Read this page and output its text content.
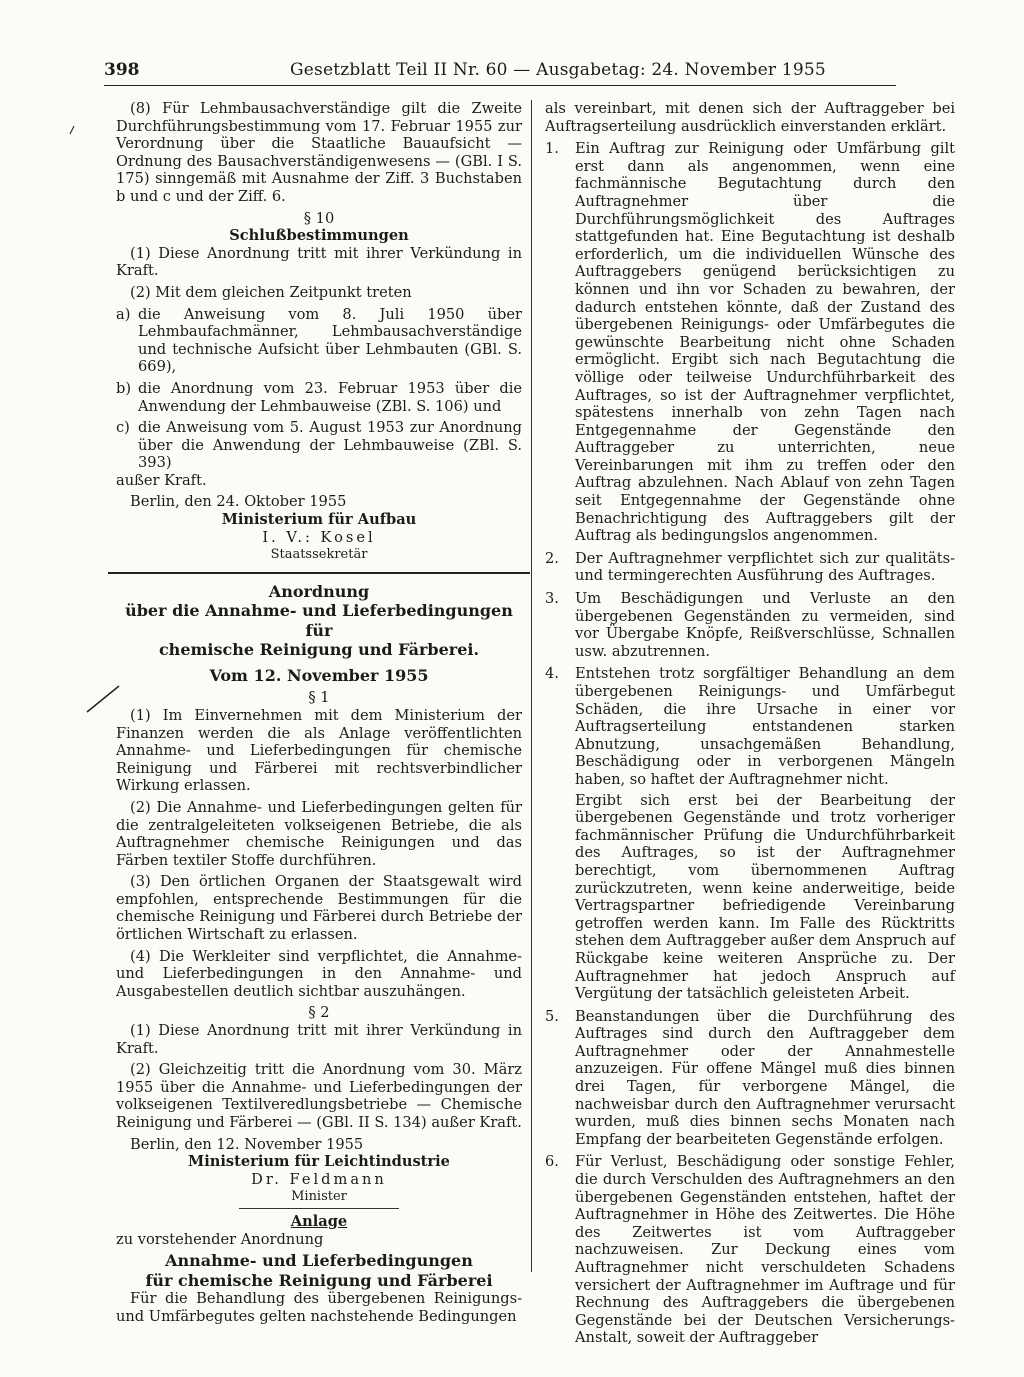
398	Gesetzblatt Teil II Nr. 60 — Ausgabetag: 24. November 1955

(8) Für Lehmbausachverständige gilt die Zweite Durchführungsbestimmung vom 17. Februar 1955 zur Verordnung über die Staatliche Bauaufsicht — Ordnung des Bausachverständigenwesens — (GBl. I S. 175) sinngemäß mit Ausnahme der Ziff. 3 Buchstaben b und c und der Ziff. 6.

§ 10

Schlußbestimmungen

(1) Diese Anordnung tritt mit ihrer Verkündung in Kraft.

(2) Mit dem gleichen Zeitpunkt treten

a) die Anweisung vom 8. Juli 1950 über Lehmbaufachmänner, Lehmbausachverständige und technische Aufsicht über Lehmbauten (GBl. S. 669),
b) die Anordnung vom 23. Februar 1953 über die Anwendung der Lehmbauweise (ZBl. S. 106) und
c) die Anweisung vom 5. August 1953 zur Anordnung über die Anwendung der Lehmbauweise (ZBl. S. 393)

außer Kraft.

Berlin, den 24. Oktober 1955

Ministerium für Aufbau

I. V.: Kosel

Staatssekretär

Anordnung

über die Annahme- und Lieferbedingungen für

chemische Reinigung und Färberei.

Vom 12. November 1955

§ 1

(1) Im Einvernehmen mit dem Ministerium der Finanzen werden die als Anlage veröffentlichten Annahme- und Lieferbedingungen für chemische Reinigung und Färberei mit rechtsverbindlicher Wirkung erlassen.

(2) Die Annahme- und Lieferbedingungen gelten für die zentralgeleiteten volkseigenen Betriebe, die als Auftragnehmer chemische Reinigungen und das Färben textiler Stoffe durchführen.

(3) Den örtlichen Organen der Staatsgewalt wird empfohlen, entsprechende Bestimmungen für die chemische Reinigung und Färberei durch Betriebe der örtlichen Wirtschaft zu erlassen.

(4) Die Werkleiter sind verpflichtet, die Annahme- und Lieferbedingungen in den Annahme- und Ausgabestellen deutlich sichtbar auszuhängen.

§ 2

(1) Diese Anordnung tritt mit ihrer Verkündung in Kraft.

(2) Gleichzeitig tritt die Anordnung vom 30. März 1955 über die Annahme- und Lieferbedingungen der volkseigenen Textilveredlungsbetriebe — Chemische Reinigung und Färberei — (GBl. II S. 134) außer Kraft.

Berlin, den 12. November 1955

Ministerium für Leichtindustrie

Dr. Feldmann

Minister

Anlage

zu vorstehender Anordnung

Annahme- und Lieferbedingungen

für chemische Reinigung und Färberei

Für die Behandlung des übergebenen Reinigungs- und Umfärbegutes gelten nachstehende Bedingungen

als vereinbart, mit denen sich der Auftraggeber bei Auftragserteilung ausdrücklich einverstanden erklärt.

1.	Ein Auftrag zur Reinigung oder Umfärbung gilt erst dann als angenommen, wenn eine fachmännische Begutachtung durch den Auftragnehmer über die Durchführungsmöglichkeit des Auftrages stattgefunden hat. Eine Begutachtung ist deshalb erforderlich, um die individuellen Wünsche des Auftraggebers genügend berücksichtigen zu können und ihn vor Schaden zu bewahren, der dadurch entstehen könnte, daß der Zustand des übergebenen Reinigungs- oder Umfärbegutes die gewünschte Bearbeitung nicht ohne Schaden ermöglicht. Ergibt sich nach Begutachtung die völlige oder teilweise Undurchführbarkeit des Auftrages, so ist der Auftragnehmer verpflichtet, spätestens innerhalb von zehn Tagen nach Entgegennahme der Gegenstände den Auftraggeber zu unterrichten, neue Vereinbarungen mit ihm zu treffen oder den Auftrag abzulehnen. Nach Ablauf von zehn Tagen seit Entgegennahme der Gegenstände ohne Benachrichtigung des Auftraggebers gilt der Auftrag als bedingungslos angenommen.
2.	Der Auftragnehmer verpflichtet sich zur qualitäts- und termingerechten Ausführung des Auftrages.
3.	Um Beschädigungen und Verluste an den übergebenen Gegenständen zu vermeiden, sind vor Übergabe Knöpfe, Reißverschlüsse, Schnallen usw. abzutrennen.
4.	Entstehen trotz sorgfältiger Behandlung an dem übergebenen Reinigungs- und Umfärbegut Schäden, die ihre Ursache in einer vor Auftragserteilung entstandenen starken Abnutzung, unsachgemäßen Behandlung, Beschädigung oder in verborgenen Mängeln haben, so haftet der Auftragnehmer nicht.
Ergibt sich erst bei der Bearbeitung der übergebenen Gegenstände und trotz vorheriger fachmännischer Prüfung die Undurchführbarkeit des Auftrages, so ist der Auftragnehmer berechtigt, vom übernommenen Auftrag zurückzutreten, wenn keine anderweitige, beide Vertragspartner befriedigende Vereinbarung getroffen werden kann. Im Falle des Rücktritts stehen dem Auftraggeber außer dem Anspruch auf Rückgabe keine weiteren Ansprüche zu. Der Auftragnehmer hat jedoch Anspruch auf Vergütung der tatsächlich geleisteten Arbeit.
5.	Beanstandungen über die Durchführung des Auftrages sind durch den Auftraggeber dem Auftragnehmer oder der Annahmestelle anzuzeigen. Für offene Mängel muß dies binnen drei Tagen, für verborgene Mängel, die nachweisbar durch den Auftragnehmer verursacht wurden, muß dies binnen sechs Monaten nach Empfang der bearbeiteten Gegenstände erfolgen.
6.	Für Verlust, Beschädigung oder sonstige Fehler, die durch Verschulden des Auftragnehmers an den übergebenen Gegenständen entstehen, haftet der Auftragnehmer in Höhe des Zeitwertes. Die Höhe des Zeitwertes ist vom Auftraggeber nachzuweisen. Zur Deckung eines vom Auftragnehmer nicht verschuldeten Schadens versichert der Auftragnehmer im Auftrage und für Rechnung des Auftraggebers die übergebenen Gegenstände bei der Deutschen Versicherungs-Anstalt, soweit der Auftraggeber
